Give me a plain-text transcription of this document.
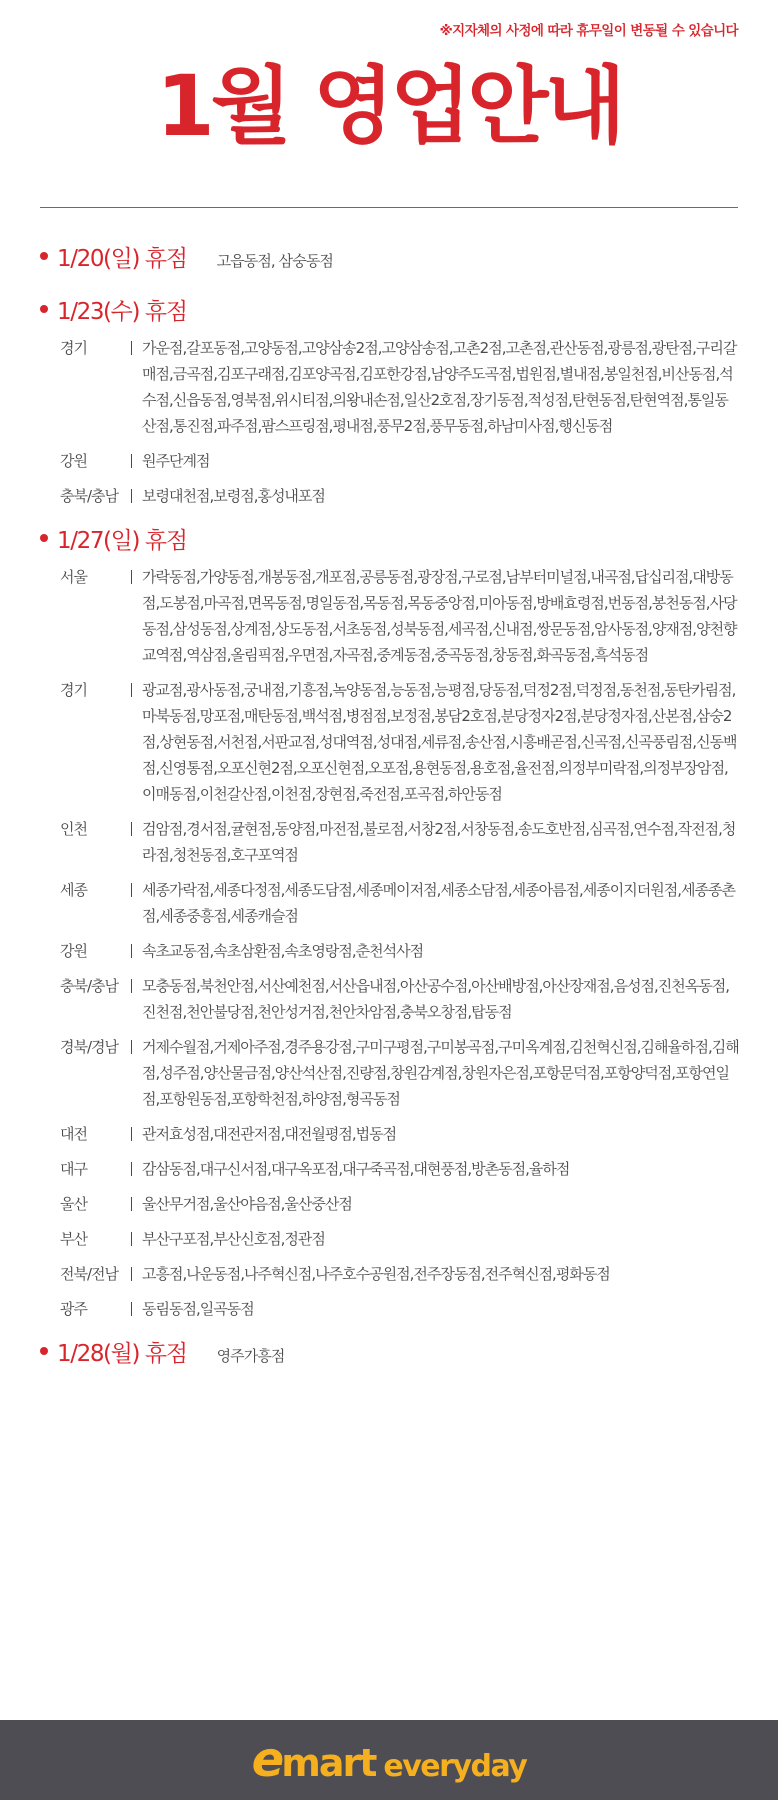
※지자체의 사정에 따라 휴무일이 변동될 수 있습니다
1월 영업안내
1/20(일) 휴점 고읍동점, 삼숭동점
1/23(수) 휴점
경기	가운점,갈포동점,고양동점,고양삼송2점,고양삼송점,고촌2점,고촌점,관산동점,광릉점,광탄점,구리갈매점,금곡점,김포구래점,김포양곡점,김포한강점,남양주도곡점,법원점,별내점,봉일천점,비산동점,석수점,신읍동점,영북점,위시티점,의왕내손점,일산2호점,장기동점,적성점,탄현동점,탄현역점,통일동산점,통진점,파주점,팜스프링점,평내점,풍무2점,풍무동점,하남미사점,행신동점
강원	원주단계점
충북/충남	보령대천점,보령점,홍성내포점
1/27(일) 휴점
서울	가락동점,가양동점,개봉동점,개포점,공릉동점,광장점,구로점,남부터미널점,내곡점,답십리점,대방동점,도봉점,마곡점,면목동점,명일동점,목동점,목동중앙점,미아동점,방배효령점,번동점,봉천동점,사당동점,삼성동점,상계점,상도동점,서초동점,성북동점,세곡점,신내점,쌍문동점,암사동점,양재점,양천향교역점,역삼점,올림픽점,우면점,자곡점,중계동점,중곡동점,창동점,화곡동점,흑석동점
경기	광교점,광사동점,궁내점,기흥점,녹양동점,능동점,능평점,당동점,덕정2점,덕정점,동천점,동탄카림점,마북동점,망포점,매탄동점,백석점,병점점,보정점,봉담2호점,분당정자2점,분당정자점,산본점,삼숭2점,상현동점,서천점,서판교점,성대역점,성대점,세류점,송산점,시흥배곧점,신곡점,신곡풍림점,신동백점,신영통점,오포신현2점,오포신현점,오포점,용현동점,용호점,율전점,의정부미락점,의정부장암점,이매동점,이천갈산점,이천점,장현점,죽전점,포곡점,하안동점
인천	검암점,경서점,귤현점,동양점,마전점,불로점,서창2점,서창동점,송도호반점,심곡점,연수점,작전점,청라점,청천동점,호구포역점
세종	세종가락점,세종다정점,세종도담점,세종메이저점,세종소담점,세종아름점,세종이지더원점,세종종촌점,세종중흥점,세종캐슬점
강원	속초교동점,속초삼환점,속초영랑점,춘천석사점
충북/충남	모충동점,북천안점,서산예천점,서산읍내점,아산공수점,아산배방점,아산장재점,음성점,진천옥동점,진천점,천안불당점,천안성거점,천안차암점,충북오창점,탑동점
경북/경남	거제수월점,거제아주점,경주용강점,구미구평점,구미봉곡점,구미옥계점,김천혁신점,김해율하점,김해점,성주점,양산물금점,양산석산점,진량점,창원감계점,창원자은점,포항문덕점,포항양덕점,포항연일점,포항원동점,포항학천점,하양점,형곡동점
대전	관저효성점,대전관저점,대전월평점,법동점
대구	감삼동점,대구신서점,대구옥포점,대구죽곡점,대현풍점,방촌동점,율하점
울산	울산무거점,울산야음점,울산중산점
부산	부산구포점,부산신호점,정관점
전북/전남	고흥점,나운동점,나주혁신점,나주호수공원점,전주장동점,전주혁신점,평화동점
광주	동림동점,일곡동점
1/28(월) 휴점 영주가흥점
e mart everyday
